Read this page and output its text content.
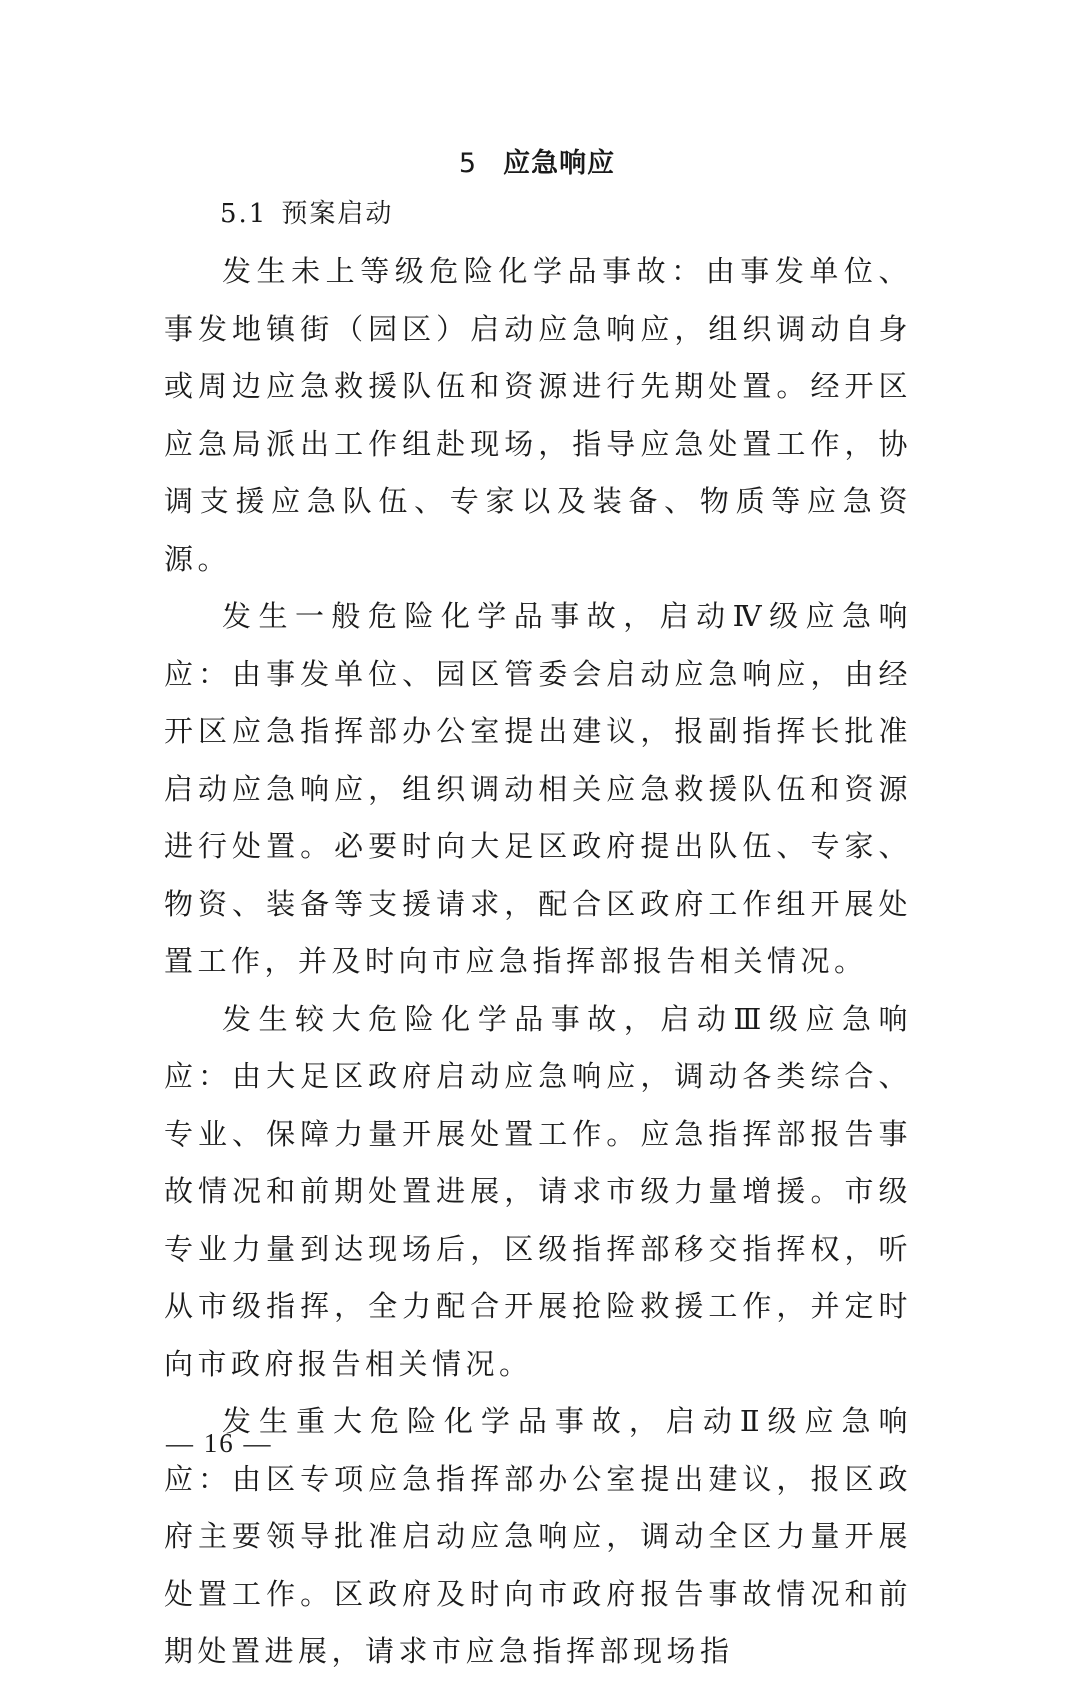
5 应急响应
5.1 预案启动

发生未上等级危险化学品事故：由事发单位、事发地镇街（园区）启动应急响应，组织调动自身或周边应急救援队伍和资源进行先期处置。经开区应急局派出工作组赴现场，指导应急处置工作，协调支援应急队伍、专家以及装备、物质等应急资源。

发生一般危险化学品事故，启动Ⅳ级应急响应：由事发单位、园区管委会启动应急响应，由经开区应急指挥部办公室提出建议，报副指挥长批准启动应急响应，组织调动相关应急救援队伍和资源进行处置。必要时向大足区政府提出队伍、专家、物资、装备等支援请求，配合区政府工作组开展处置工作，并及时向市应急指挥部报告相关情况。

发生较大危险化学品事故，启动Ⅲ级应急响应：由大足区政府启动应急响应，调动各类综合、专业、保障力量开展处置工作。应急指挥部报告事故情况和前期处置进展，请求市级力量增援。市级专业力量到达现场后，区级指挥部移交指挥权，听从市级指挥，全力配合开展抢险救援工作，并定时向市政府报告相关情况。

发生重大危险化学品事故，启动Ⅱ级应急响应：由区专项应急指挥部办公室提出建议，报区政府主要领导批准启动应急响应，调动全区力量开展处置工作。区政府及时向市政府报告事故情况和前期处置进展，请求市应急指挥部现场指

— 16 —
